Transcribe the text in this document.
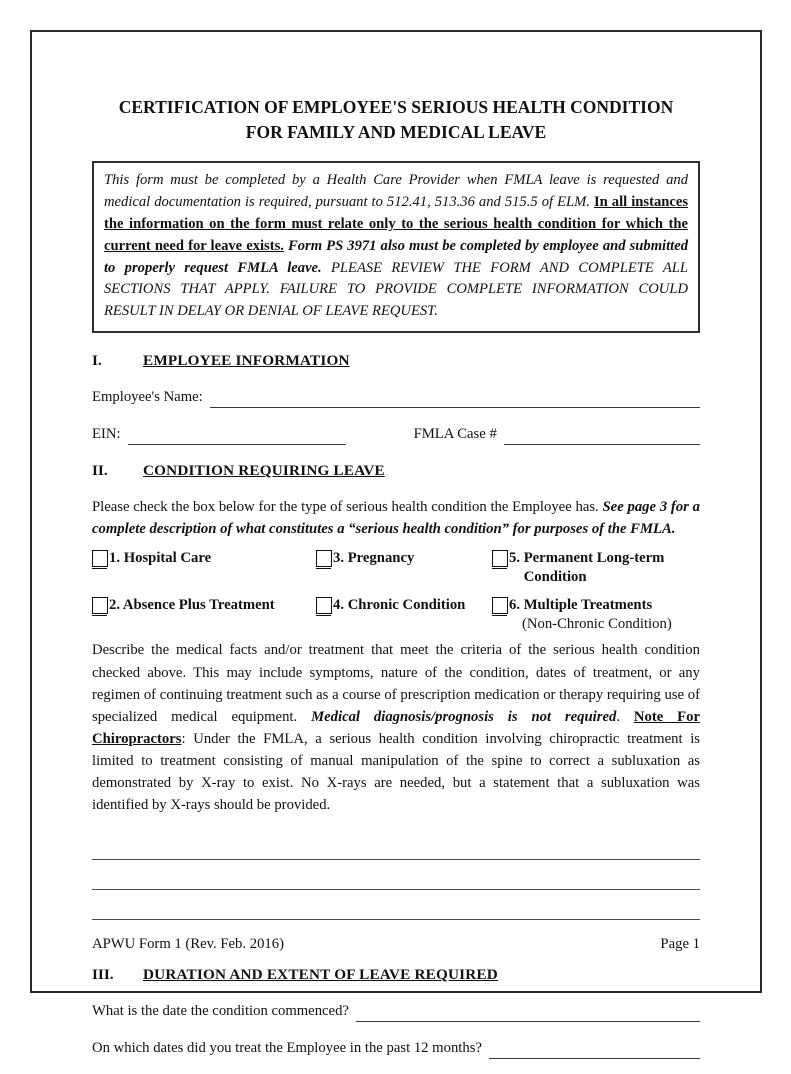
CERTIFICATION OF EMPLOYEE'S SERIOUS HEALTH CONDITION
FOR FAMILY AND MEDICAL LEAVE
This form must be completed by a Health Care Provider when FMLA leave is requested and medical documentation is required, pursuant to 512.41, 513.36 and 515.5 of ELM. In all instances the information on the form must relate only to the serious health condition for which the current need for leave exists. Form PS 3971 also must be completed by employee and submitted to properly request FMLA leave. PLEASE REVIEW THE FORM AND COMPLETE ALL SECTIONS THAT APPLY. FAILURE TO PROVIDE COMPLETE INFORMATION COULD RESULT IN DELAY OR DENIAL OF LEAVE REQUEST.
I.	EMPLOYEE INFORMATION
Employee's Name:
EIN:	FMLA Case #
II.	CONDITION REQUIRING LEAVE
Please check the box below for the type of serious health condition the Employee has. See page 3 for a complete description of what constitutes a “serious health condition” for purposes of the FMLA.
1. Hospital Care	3. Pregnancy	5. Permanent Long-term Condition
2. Absence Plus Treatment	4. Chronic Condition	6. Multiple Treatments
(Non-Chronic Condition)
Describe the medical facts and/or treatment that meet the criteria of the serious health condition checked above. This may include symptoms, nature of the condition, dates of treatment, or any regimen of continuing treatment such as a course of prescription medication or therapy requiring use of specialized medical equipment. Medical diagnosis/prognosis is not required. Note For Chiropractors: Under the FMLA, a serious health condition involving chiropractic treatment is limited to treatment consisting of manual manipulation of the spine to correct a subluxation as demonstrated by X-ray to exist. No X-rays are needed, but a statement that a subluxation was identified by X-rays should be provided.
III.	DURATION AND EXTENT OF LEAVE REQUIRED
What is the date the condition commenced?
On which dates did you treat the Employee in the past 12 months?
APWU Form 1 (Rev. Feb. 2016)	Page 1
